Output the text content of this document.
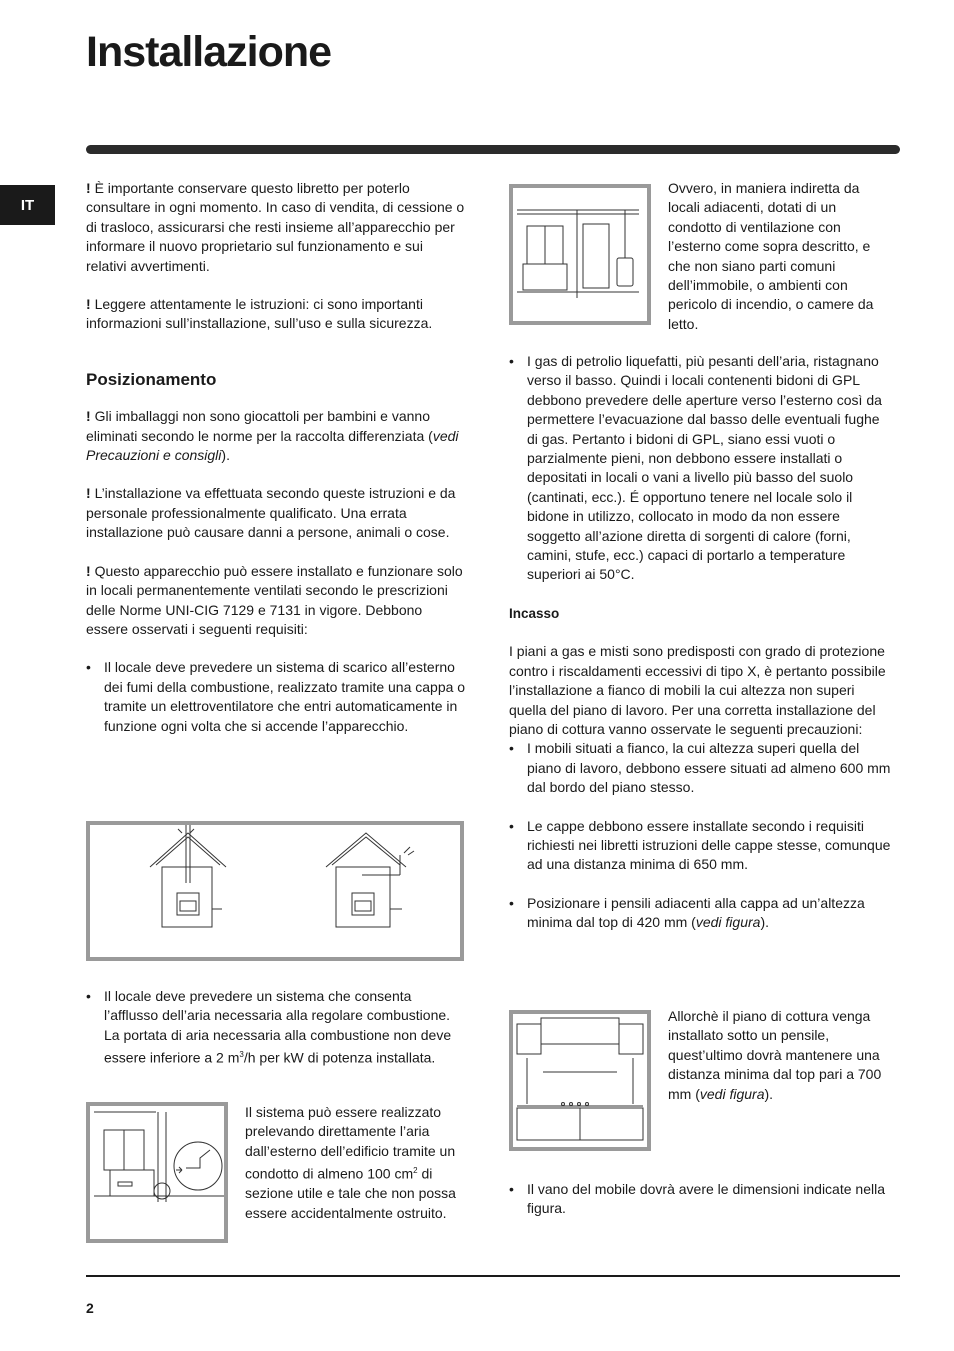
Installazione
IT

! È importante conservare questo libretto per poterlo consultare in ogni momento. In caso di vendita, di cessione o di trasloco, assicurarsi che resti insieme all’apparecchio per informare il nuovo proprietario sul funzionamento e sui relativi avvertimenti.

! Leggere attentamente le istruzioni: ci sono importanti informazioni sull’installazione, sull’uso e sulla sicurezza.

Posizionamento

! Gli imballaggi non sono giocattoli per bambini e vanno eliminati secondo le norme per la raccolta differenziata (vedi Precauzioni e consigli).

! L’installazione va effettuata secondo queste istruzioni e da personale professionalmente qualificato. Una errata installazione può causare danni a persone, animali o cose.

! Questo apparecchio può essere installato e funzionare solo in locali permanentemente ventilati secondo le prescrizioni delle Norme UNI-CIG 7129 e 7131 in vigore. Debbono essere osservati i seguenti requisiti:

• Il locale deve prevedere un sistema di scarico all’esterno dei fumi della combustione, realizzato tramite una cappa o tramite un elettroventilatore che entri automaticamente in funzione ogni volta che si accende l’apparecchio.

• Il locale deve prevedere un sistema che consenta l’afflusso dell’aria necessaria alla regolare combustione. La portata di aria necessaria alla combustione non deve essere inferiore a 2 $m^3/h$ per kW di potenza installata.

Il sistema può essere realizzato prelevando direttamente l’aria dall’esterno dell’edificio tramite un condotto di almeno 100 $cm^2$ di sezione utile e tale che non possa essere accidentalmente ostruito.

Ovvero, in maniera indiretta da locali adiacenti, dotati di un condotto di ventilazione con l’esterno come sopra descritto, e che non siano parti comuni dell’immobile, o ambienti con pericolo di incendio, o camere da letto.

• I gas di petrolio liquefatti, più pesanti dell’aria, ristagnano verso il basso. Quindi i locali contenenti bidoni di GPL debbono prevedere delle aperture verso l’esterno così da permettere l’evacuazione dal basso delle eventuali fughe di gas. Pertanto i bidoni di GPL, siano essi vuoti o parzialmente pieni, non debbono essere installati o depositati in locali o vani a livello più basso del suolo (cantinati, ecc.). É opportuno tenere nel locale solo il bidone in utilizzo, collocato in modo da non essere soggetto all’azione diretta di sorgenti di calore (forni, camini, stufe, ecc.) capaci di portarlo a temperature superiori ai 50°C.

Incasso

I piani a gas e misti sono predisposti con grado di protezione contro i riscaldamenti eccessivi di tipo X, è pertanto possibile l’installazione a fianco di mobili la cui altezza non superi quella del piano di lavoro. Per una corretta installazione del piano di cottura vanno osservate le seguenti precauzioni:

• I mobili situati a fianco, la cui altezza superi quella del piano di lavoro, debbono essere situati ad almeno 600 mm dal bordo del piano stesso.

• Le cappe debbono essere installate secondo i requisiti richiesti nei libretti istruzioni delle cappe stesse, comunque ad una distanza minima di 650 mm.

• Posizionare i pensili adiacenti alla cappa ad un’altezza minima dal top di 420 mm (vedi figura).

Allorchè il piano di cottura venga installato sotto un pensile, quest’ultimo dovrà mantenere una distanza minima dal top pari a 700 mm (vedi figura).

• Il vano del mobile dovrà avere le dimensioni indicate nella figura.

2
